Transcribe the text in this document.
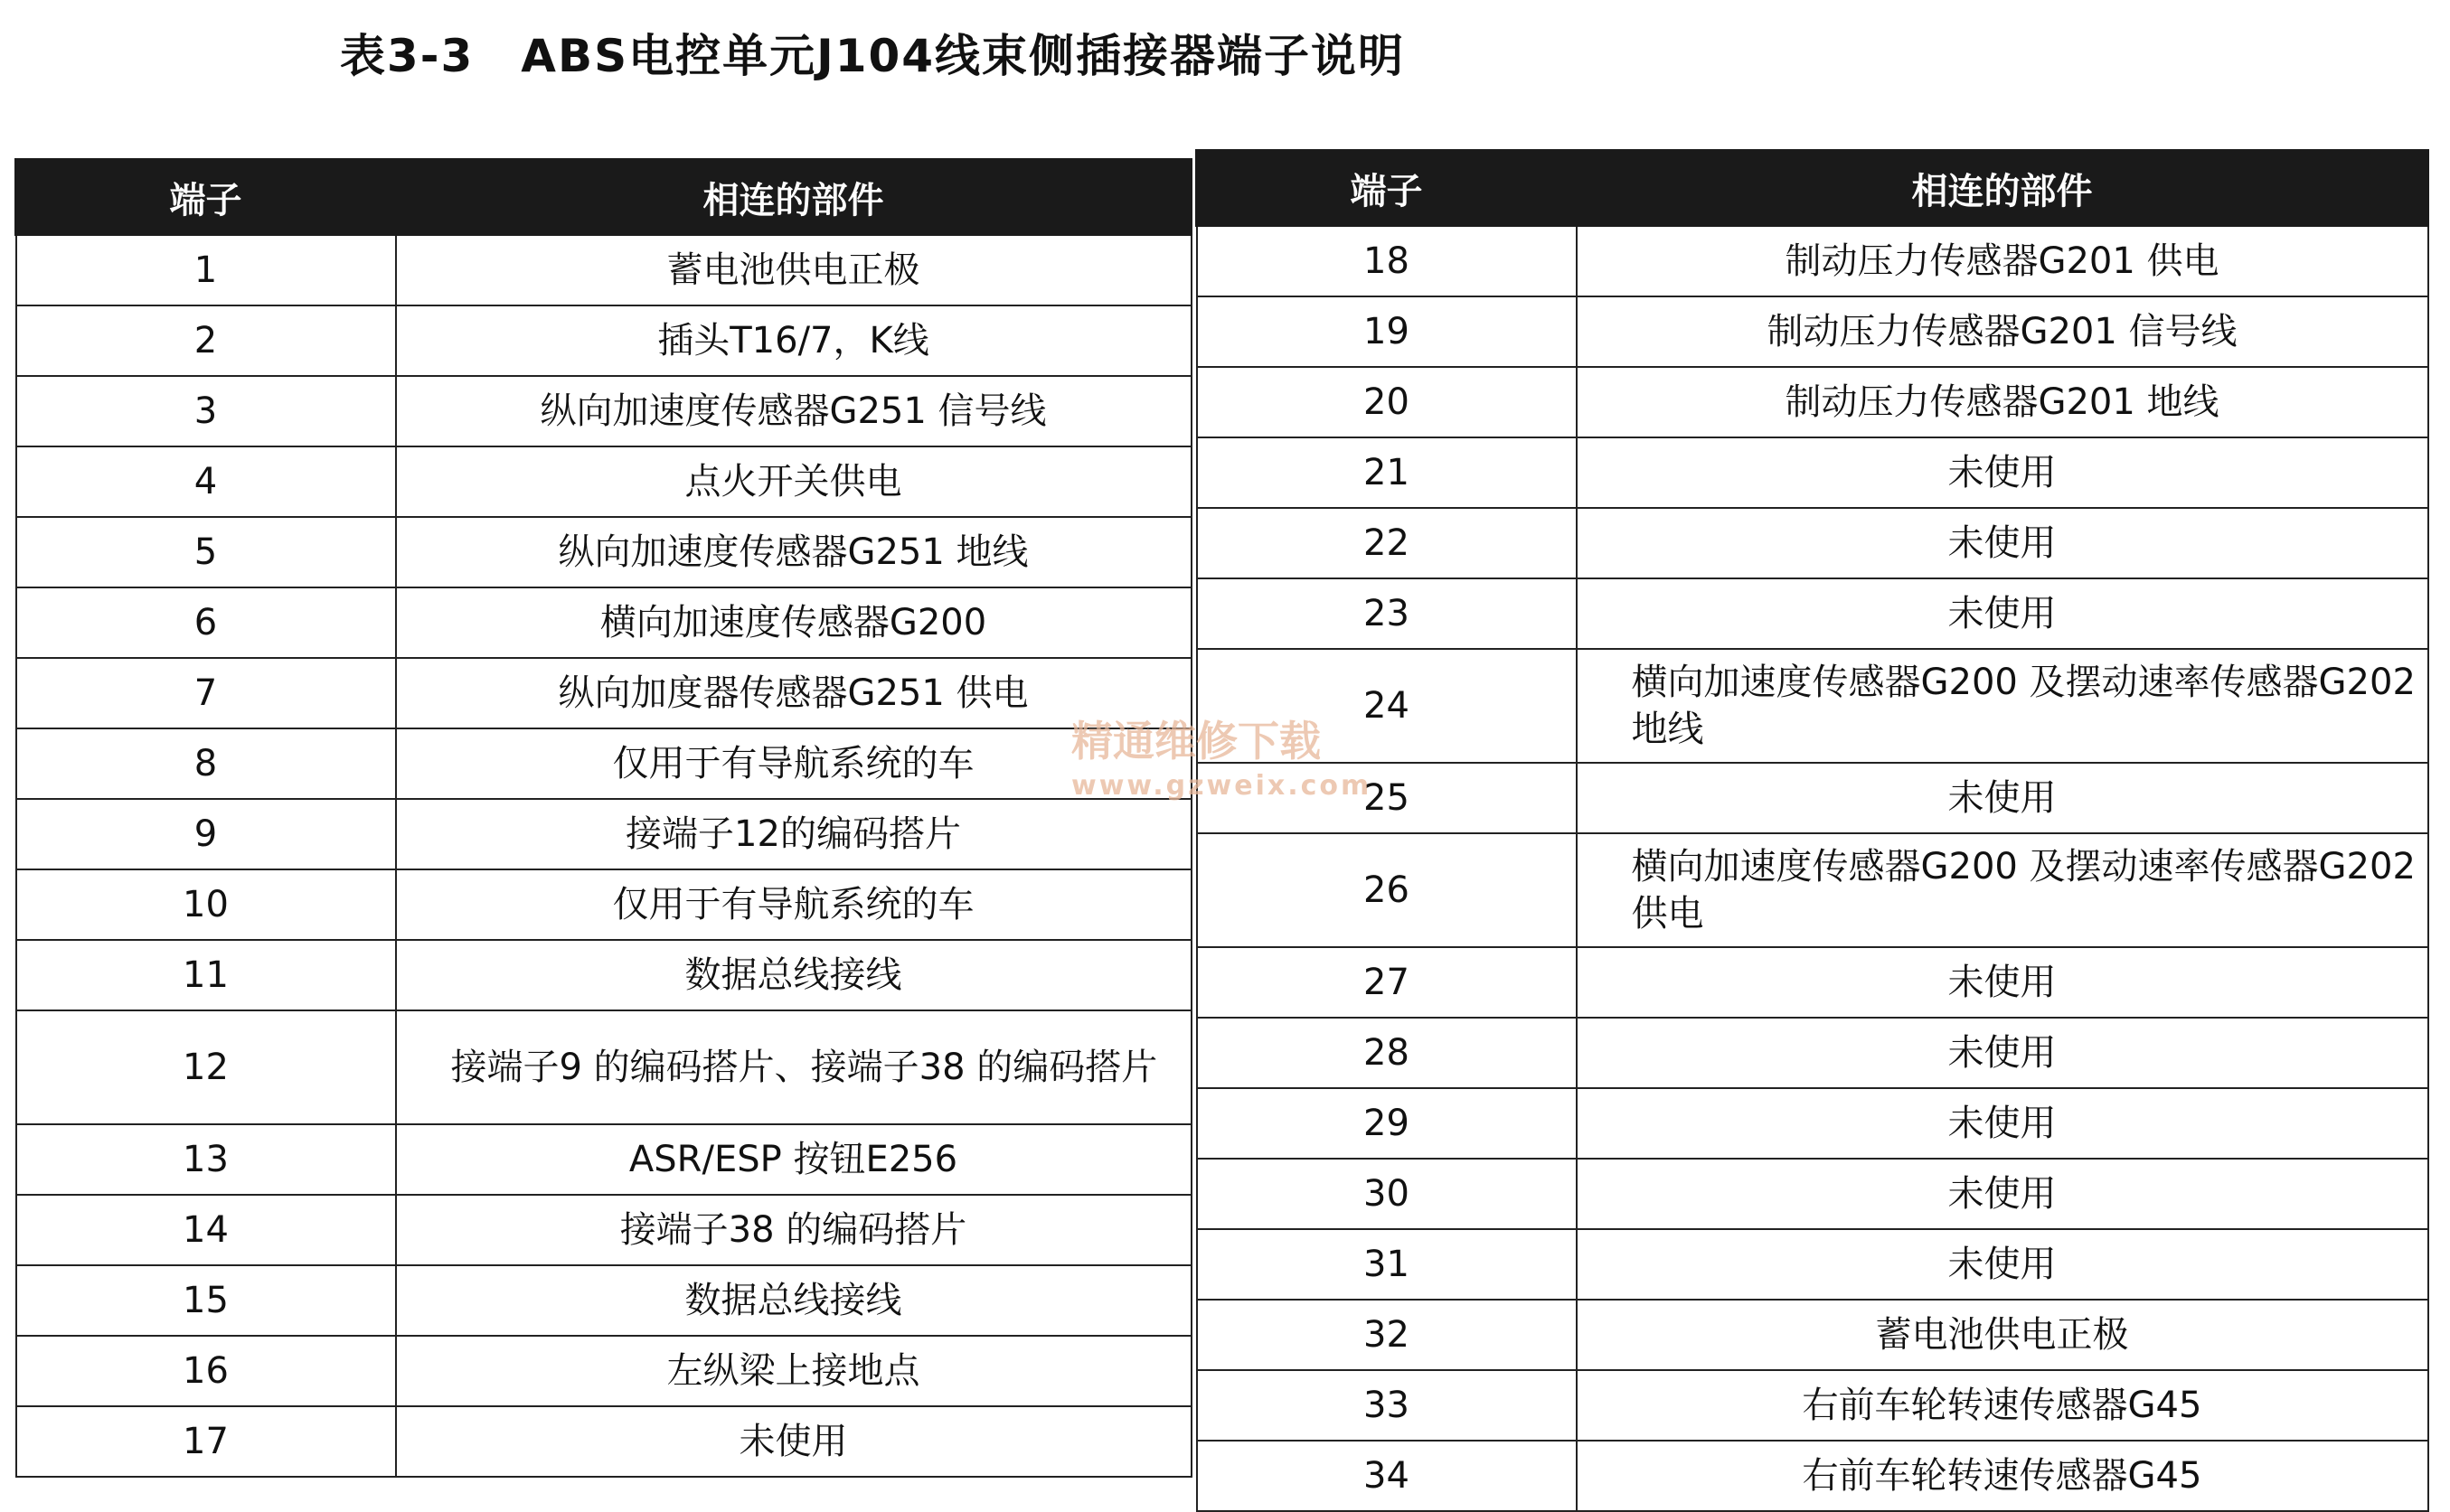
表3-3　ABS电控单元J104线束侧插接器端子说明
端子	相连的部件
1	蓄电池供电正极
2	插头T16/7，K线
3	纵向加速度传感器G251 信号线
4	点火开关供电
5	纵向加速度传感器G251 地线
6	横向加速度传感器G200
7	纵向加度器传感器G251 供电
8	仅用于有导航系统的车
9	接端子12的编码搭片
10	仅用于有导航系统的车
11	数据总线接线
12	接端子9 的编码搭片、接端子38 的编码搭片
13	ASR/ESP 按钮E256
14	接端子38 的编码搭片
15	数据总线接线
16	左纵梁上接地点
17	未使用
端子	相连的部件
18	制动压力传感器G201 供电
19	制动压力传感器G201 信号线
20	制动压力传感器G201 地线
21	未使用
22	未使用
23	未使用
24	横向加速度传感器G200 及摆动速率传感器G202 地线
25	未使用
26	横向加速度传感器G200 及摆动速率传感器G202 供电
27	未使用
28	未使用
29	未使用
30	未使用
31	未使用
32	蓄电池供电正极
33	右前车轮转速传感器G45
34	右前车轮转速传感器G45
精通维修下载
www.gzweix.com
